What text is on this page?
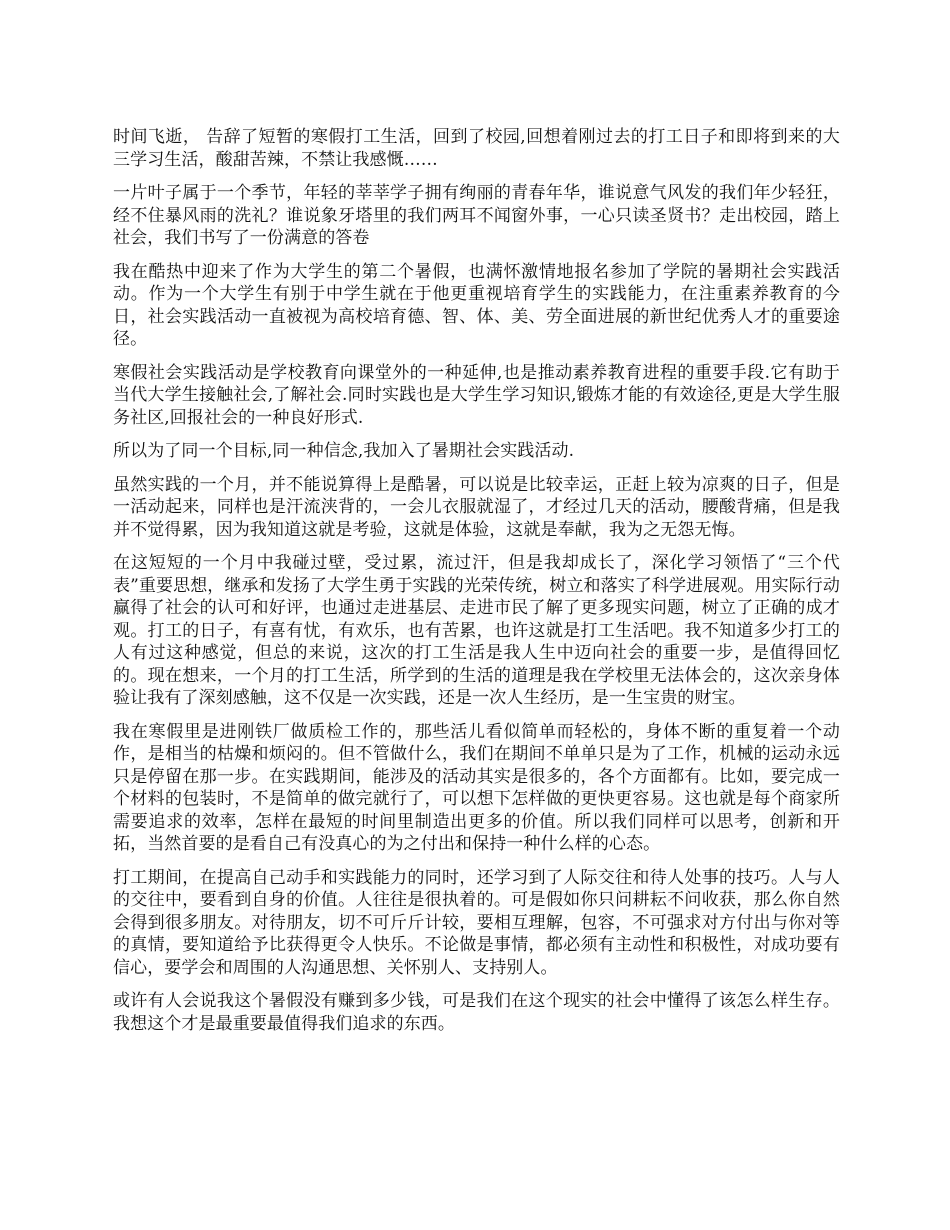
时间飞逝， 告辞了短暂的寒假打工生活，回到了校园,回想着刚过去的打工日子和即将到来的大三学习生活，酸甜苦辣，不禁让我感慨……

一片叶子属于一个季节，年轻的莘莘学子拥有绚丽的青春年华，谁说意气风发的我们年少轻狂，经不住暴风雨的洗礼？谁说象牙塔里的我们两耳不闻窗外事，一心只读圣贤书？走出校园，踏上社会，我们书写了一份满意的答卷

我在酷热中迎来了作为大学生的第二个暑假，也满怀激情地报名参加了学院的暑期社会实践活动。作为一个大学生有别于中学生就在于他更重视培育学生的实践能力，在注重素养教育的今日，社会实践活动一直被视为高校培育德、智、体、美、劳全面进展的新世纪优秀人才的重要途径。

寒假社会实践活动是学校教育向课堂外的一种延伸,也是推动素养教育进程的重要手段.它有助于当代大学生接触社会,了解社会.同时实践也是大学生学习知识,锻炼才能的有效途径,更是大学生服务社区,回报社会的一种良好形式.

所以为了同一个目标,同一种信念,我加入了暑期社会实践活动.

虽然实践的一个月，并不能说算得上是酷暑，可以说是比较幸运，正赶上较为凉爽的日子，但是一活动起来，同样也是汗流浃背的，一会儿衣服就湿了，才经过几天的活动，腰酸背痛，但是我并不觉得累，因为我知道这就是考验，这就是体验，这就是奉献，我为之无怨无悔。

在这短短的一个月中我碰过壁，受过累，流过汗，但是我却成长了，深化学习领悟了“三个代表”重要思想，继承和发扬了大学生勇于实践的光荣传统，树立和落实了科学进展观。用实际行动赢得了社会的认可和好评，也通过走进基层、走进市民了解了更多现实问题，树立了正确的成才观。打工的日子，有喜有忧，有欢乐，也有苦累，也许这就是打工生活吧。我不知道多少打工的人有过这种感觉，但总的来说，这次的打工生活是我人生中迈向社会的重要一步，是值得回忆的。现在想来，一个月的打工生活，所学到的生活的道理是我在学校里无法体会的，这次亲身体验让我有了深刻感触，这不仅是一次实践，还是一次人生经历，是一生宝贵的财宝。

我在寒假里是进刚铁厂做质检工作的，那些活儿看似简单而轻松的，身体不断的重复着一个动作，是相当的枯燥和烦闷的。但不管做什么，我们在期间不单单只是为了工作，机械的运动永远只是停留在那一步。在实践期间，能涉及的活动其实是很多的，各个方面都有。比如，要完成一个材料的包装时，不是简单的做完就行了，可以想下怎样做的更快更容易。这也就是每个商家所需要追求的效率，怎样在最短的时间里制造出更多的价值。所以我们同样可以思考，创新和开拓，当然首要的是看自己有没真心的为之付出和保持一种什么样的心态。

打工期间，在提高自己动手和实践能力的同时，还学习到了人际交往和待人处事的技巧。人与人的交往中，要看到自身的价值。人往往是很执着的。可是假如你只问耕耘不问收获，那么你自然会得到很多朋友。对待朋友，切不可斤斤计较，要相互理解，包容，不可强求对方付出与你对等的真情，要知道给予比获得更令人快乐。不论做是事情，都必须有主动性和积极性，对成功要有信心，要学会和周围的人沟通思想、关怀别人、支持别人。

或许有人会说我这个暑假没有赚到多少钱，可是我们在这个现实的社会中懂得了该怎么样生存。我想这个才是最重要最值得我们追求的东西。
